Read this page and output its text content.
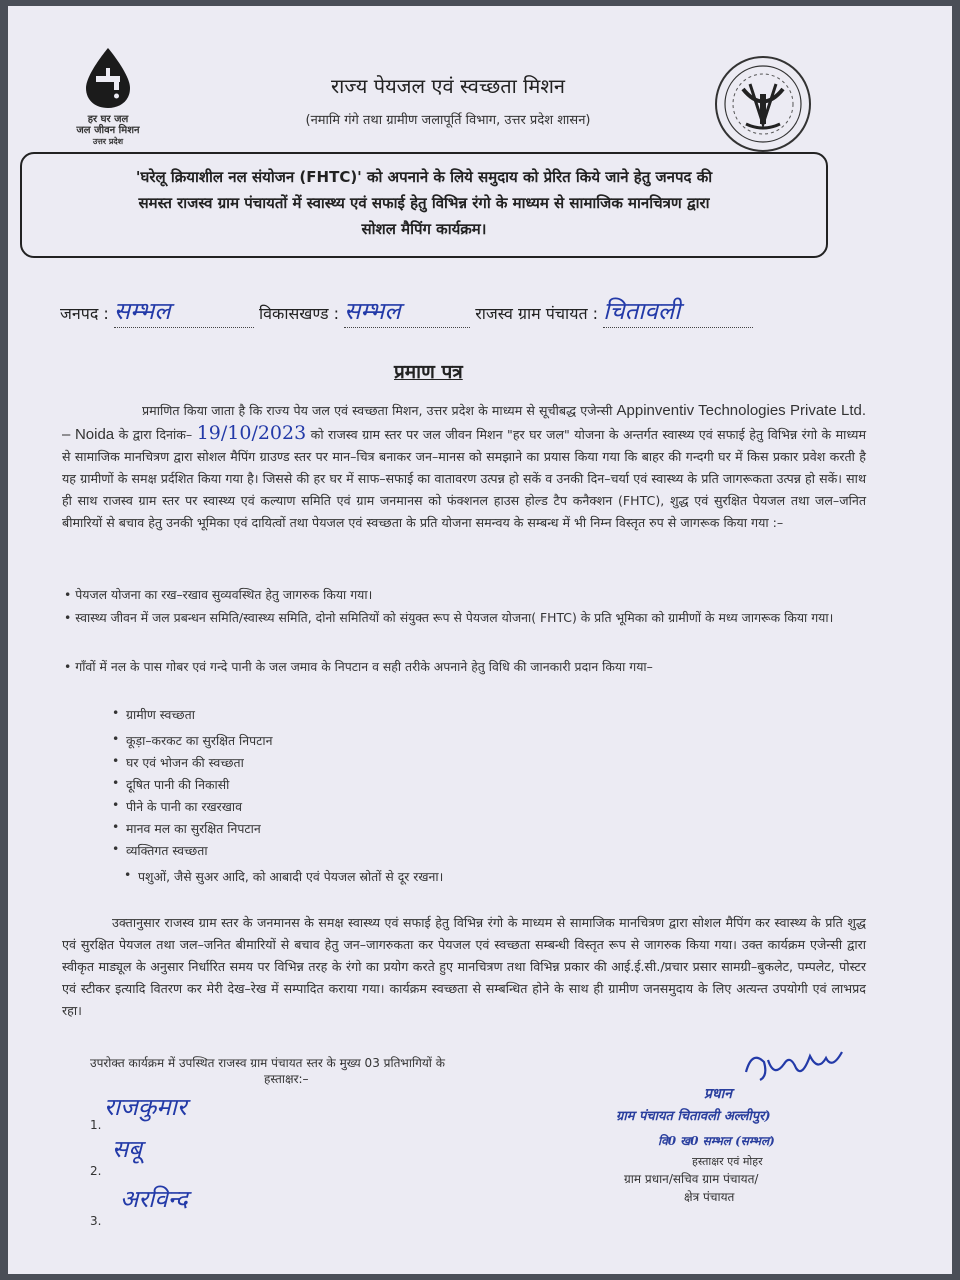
हर घर जल
जल जीवन मिशन
उत्तर प्रदेश
राज्य पेयजल एवं स्वच्छता मिशन
(नमामि गंगे तथा ग्रामीण जलापूर्ति विभाग, उत्तर प्रदेश शासन)
'घरेलू क्रियाशील नल संयोजन (FHTC)' को अपनाने के लिये समुदाय को प्रेरित किये जाने हेतु जनपद की
समस्त राजस्व ग्राम पंचायतों में स्वास्थ्य एवं सफाई हेतु विभिन्न रंगो के माध्यम से सामाजिक मानचित्रण द्वारा
सोशल मैपिंग कार्यक्रम।
जनपद : सम्भल	विकासखण्ड : सम्भल	राजस्व ग्राम पंचायत : चितावली
प्रमाण पत्र
प्रमाणित किया जाता है कि राज्य पेय जल एवं स्वच्छता मिशन, उत्तर प्रदेश के माध्यम से सूचीबद्ध एजेन्सी Appinventiv Technologies Private Ltd. – Noida के द्वारा दिनांक– 19/10/2023 को राजस्व ग्राम स्तर पर जल जीवन मिशन "हर घर जल" योजना के अन्तर्गत स्वास्थ्य एवं सफाई हेतु विभिन्न रंगो के माध्यम से सामाजिक मानचित्रण द्वारा सोशल मैपिंग ग्राउण्ड स्तर पर मान–चित्र बनाकर जन–मानस को समझाने का प्रयास किया गया कि बाहर की गन्दगी घर में किस प्रकार प्रवेश करती है यह ग्रामीणों के समक्ष प्रर्दशित किया गया है। जिससे की हर घर में साफ–सफाई का वातावरण उत्पन्न हो सकें व उनकी दिन–चर्या एवं स्वास्थ्य के प्रति जागरूकता उत्पन्न हो सकें। साथ ही साथ राजस्व ग्राम स्तर पर स्वास्थ्य एवं कल्याण समिति एवं ग्राम जनमानस को फंक्शनल हाउस होल्ड टैप कनैक्शन (FHTC), शुद्ध एवं सुरक्षित पेयजल तथा जल–जनित बीमारियों से बचाव हेतु उनकी भूमिका एवं दायित्वों तथा पेयजल एवं स्वच्छता के प्रति योजना समन्वय के सम्बन्ध में भी निम्न विस्तृत रुप से जागरूक किया गया :–
• पेयजल योजना का रख–रखाव सुव्यवस्थित हेतु जागरुक किया गया।
• स्वास्थ्य जीवन में जल प्रबन्धन समिति/स्वास्थ्य समिति, दोनो समितियों को संयुक्त रूप से पेयजल योजना( FHTC) के प्रति भूमिका को ग्रामीणों के मध्य जागरूक किया गया।
• गाँवों में नल के पास गोबर एवं गन्दे पानी के जल जमाव के निपटान व सही तरीके अपनाने हेतु विधि की जानकारी प्रदान किया गया–
• ग्रामीण स्वच्छता
• कूड़ा–करकट का सुरक्षित निपटान
• घर एवं भोजन की स्वच्छता
• दूषित पानी की निकासी
• पीने के पानी का रखरखाव
• मानव मल का सुरक्षित निपटान
• व्यक्तिगत स्वच्छता
• पशुओं, जैसे सुअर आदि, को आबादी एवं पेयजल स्रोतों से दूर रखना।
उक्तानुसार राजस्व ग्राम स्तर के जनमानस के समक्ष स्वास्थ्य एवं सफाई हेतु विभिन्न रंगो के माध्यम से सामाजिक मानचित्रण द्वारा सोशल मैपिंग कर स्वास्थ्य के प्रति शुद्ध एवं सुरक्षित पेयजल तथा जल–जनित बीमारियों से बचाव हेतु जन–जागरुकता कर पेयजल एवं स्वच्छता सम्बन्धी विस्तृत रूप से जागरुक किया गया। उक्त कार्यक्रम एजेन्सी द्वारा स्वीकृत माड्यूल के अनुसार निर्धारित समय पर विभिन्न तरह के रंगो का प्रयोग करते हुए मानचित्रण तथा विभिन्न प्रकार की आई.ई.सी./प्रचार प्रसार सामग्री–बुकलेट, पम्पलेट, पोस्टर एवं स्टीकर इत्यादि वितरण कर मेरी देख–रेख में सम्पादित कराया गया। कार्यक्रम स्वच्छता से सम्बन्धित होने के साथ ही ग्रामीण जनसमुदाय के लिए अत्यन्त उपयोगी एवं लाभप्रद रहा।
उपरोक्त कार्यक्रम में उपस्थित राजस्व ग्राम पंचायत स्तर के मुख्य 03 प्रतिभागियों के
हस्ताक्षर:–
1.
राजकुमार
2.
सबू
3.
अरविन्द
प्रधान
ग्राम पंचायत चितावली अल्लीपुर)
वि0 ख0 सम्भल (सम्भल)
हस्ताक्षर एवं मोहर
ग्राम प्रधान/सचिव ग्राम पंचायत/
क्षेत्र पंचायत
